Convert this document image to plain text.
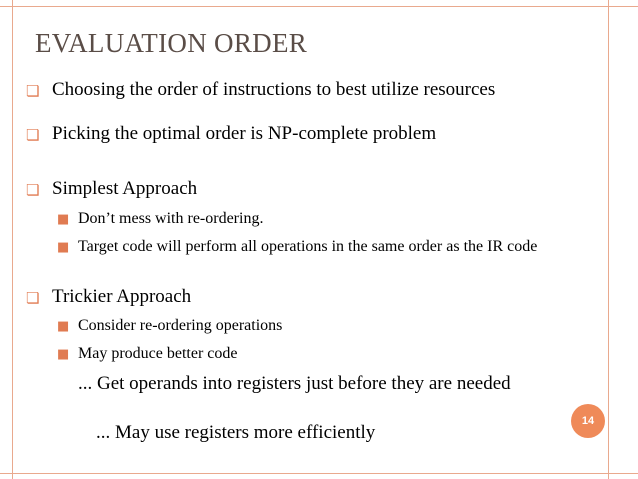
EVALUATION ORDER
❏ Choosing the order of instructions to best utilize resources
❏ Picking the optimal order is NP-complete problem
❏ Simplest Approach
■ Don’t mess with re-ordering.
■ Target code will perform all operations in the same order as the IR code
❏ Trickier Approach
■ Consider re-ordering operations
■ May produce better code
... Get operands into registers just before they are needed
... May use registers more efficiently
14
